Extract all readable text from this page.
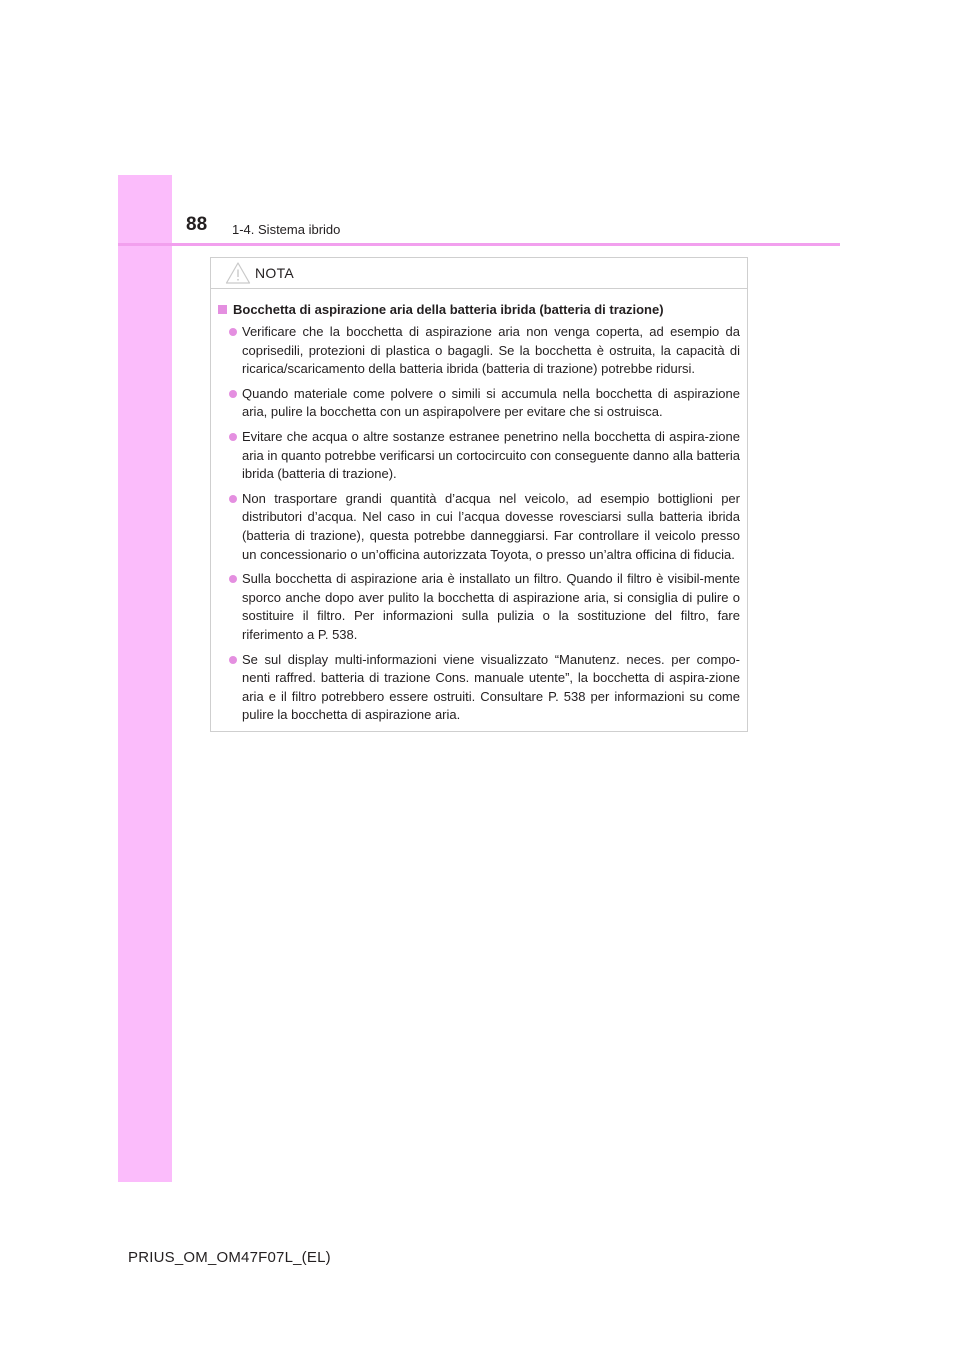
88 1-4. Sistema ibrido
NOTA
Bocchetta di aspirazione aria della batteria ibrida (batteria di trazione)
Verificare che la bocchetta di aspirazione aria non venga coperta, ad esempio da coprisedili, protezioni di plastica o bagagli. Se la bocchetta è ostruita, la capacità di ricarica/scaricamento della batteria ibrida (batteria di trazione) potrebbe ridursi.
Quando materiale come polvere o simili si accumula nella bocchetta di aspirazione aria, pulire la bocchetta con un aspirapolvere per evitare che si ostruisca.
Evitare che acqua o altre sostanze estranee penetrino nella bocchetta di aspira-zione aria in quanto potrebbe verificarsi un cortocircuito con conseguente danno alla batteria ibrida (batteria di trazione).
Non trasportare grandi quantità d’acqua nel veicolo, ad esempio bottiglioni per distributori d’acqua. Nel caso in cui l’acqua dovesse rovesciarsi sulla batteria ibrida (batteria di trazione), questa potrebbe danneggiarsi. Far controllare il veicolo presso un concessionario o un’officina autorizzata Toyota, o presso un’altra officina di fiducia.
Sulla bocchetta di aspirazione aria è installato un filtro. Quando il filtro è visibil-mente sporco anche dopo aver pulito la bocchetta di aspirazione aria, si consiglia di pulire o sostituire il filtro. Per informazioni sulla pulizia o la sostituzione del filtro, fare riferimento a P. 538.
Se sul display multi-informazioni viene visualizzato “Manutenz. neces. per compo-nenti raffred. batteria di trazione Cons. manuale utente”, la bocchetta di aspira-zione aria e il filtro potrebbero essere ostruiti. Consultare P. 538 per informazioni su come pulire la bocchetta di aspirazione aria.
PRIUS_OM_OM47F07L_(EL)
